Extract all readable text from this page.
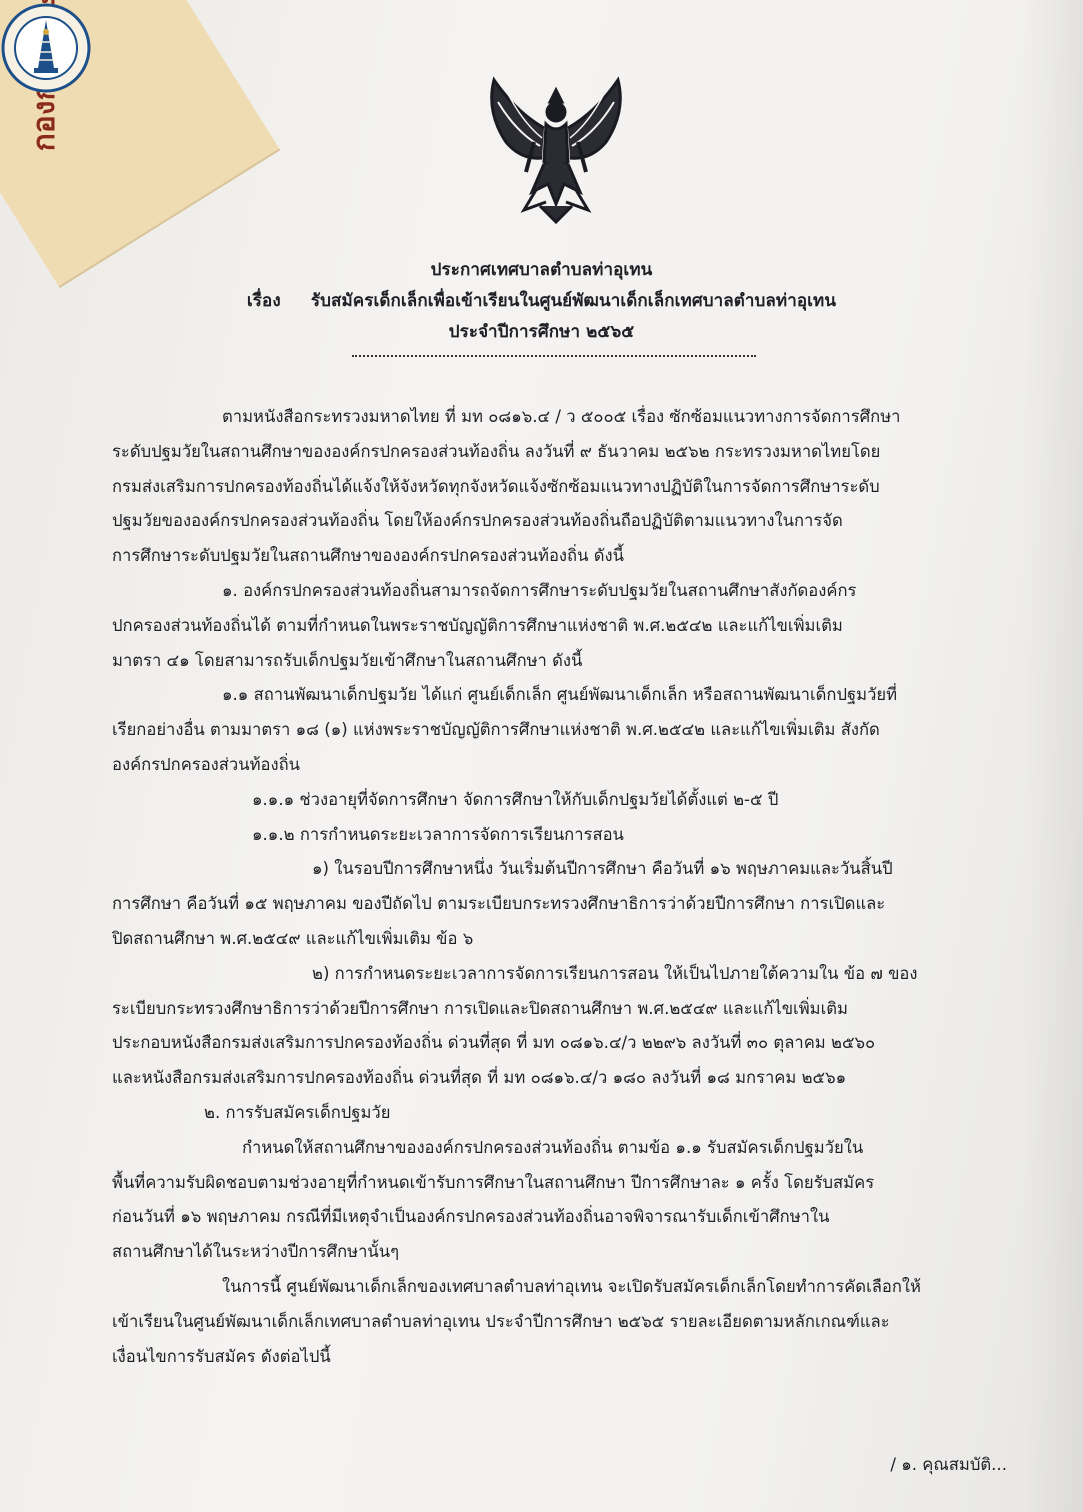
ประกาศเทศบาลตำบลท่าอุเทน
เรื่อง รับสมัครเด็กเล็กเพื่อเข้าเรียนในศูนย์พัฒนาเด็กเล็กเทศบาลตำบลท่าอุเทน
ประจำปีการศึกษา ๒๕๖๕
ตามหนังสือกระทรวงมหาดไทย ที่ มท ๐๘๑๖.๔ / ว ๕๐๐๕ เรื่อง ซักซ้อมแนวทางการจัดการศึกษา
ระดับปฐมวัยในสถานศึกษาขององค์กรปกครองส่วนท้องถิ่น ลงวันที่ ๙ ธันวาคม ๒๕๖๒ กระทรวงมหาดไทยโดย
กรมส่งเสริมการปกครองท้องถิ่นได้แจ้งให้จังหวัดทุกจังหวัดแจ้งซักซ้อมแนวทางปฏิบัติในการจัดการศึกษาระดับ
ปฐมวัยขององค์กรปกครองส่วนท้องถิ่น โดยให้องค์กรปกครองส่วนท้องถิ่นถือปฏิบัติตามแนวทางในการจัด
การศึกษาระดับปฐมวัยในสถานศึกษาขององค์กรปกครองส่วนท้องถิ่น ดังนี้
๑. องค์กรปกครองส่วนท้องถิ่นสามารถจัดการศึกษาระดับปฐมวัยในสถานศึกษาสังกัดองค์กร
ปกครองส่วนท้องถิ่นได้ ตามที่กำหนดในพระราชบัญญัติการศึกษาแห่งชาติ พ.ศ.๒๕๔๒ และแก้ไขเพิ่มเติม
มาตรา ๔๑ โดยสามารถรับเด็กปฐมวัยเข้าศึกษาในสถานศึกษา ดังนี้
๑.๑ สถานพัฒนาเด็กปฐมวัย ได้แก่ ศูนย์เด็กเล็ก ศูนย์พัฒนาเด็กเล็ก หรือสถานพัฒนาเด็กปฐมวัยที่
เรียกอย่างอื่น ตามมาตรา ๑๘ (๑) แห่งพระราชบัญญัติการศึกษาแห่งชาติ พ.ศ.๒๕๔๒ และแก้ไขเพิ่มเติม สังกัด
องค์กรปกครองส่วนท้องถิ่น
๑.๑.๑ ช่วงอายุที่จัดการศึกษา จัดการศึกษาให้กับเด็กปฐมวัยได้ตั้งแต่ ๒-๕ ปี
๑.๑.๒ การกำหนดระยะเวลาการจัดการเรียนการสอน
๑) ในรอบปีการศึกษาหนึ่ง วันเริ่มต้นปีการศึกษา คือวันที่ ๑๖ พฤษภาคมและวันสิ้นปี
การศึกษา คือวันที่ ๑๕ พฤษภาคม ของปีถัดไป ตามระเบียบกระทรวงศึกษาธิการว่าด้วยปีการศึกษา การเปิดและ
ปิดสถานศึกษา พ.ศ.๒๕๔๙ และแก้ไขเพิ่มเติม ข้อ ๖
๒) การกำหนดระยะเวลาการจัดการเรียนการสอน ให้เป็นไปภายใต้ความใน ข้อ ๗ ของ
ระเบียบกระทรวงศึกษาธิการว่าด้วยปีการศึกษา การเปิดและปิดสถานศึกษา พ.ศ.๒๕๔๙ และแก้ไขเพิ่มเติม
ประกอบหนังสือกรมส่งเสริมการปกครองท้องถิ่น ด่วนที่สุด ที่ มท ๐๘๑๖.๔/ว ๒๒๙๖ ลงวันที่ ๓๐ ตุลาคม ๒๕๖๐
และหนังสือกรมส่งเสริมการปกครองท้องถิ่น ด่วนที่สุด ที่ มท ๐๘๑๖.๔/ว ๑๘๐ ลงวันที่ ๑๘ มกราคม ๒๕๖๑
๒. การรับสมัครเด็กปฐมวัย
กำหนดให้สถานศึกษาขององค์กรปกครองส่วนท้องถิ่น ตามข้อ ๑.๑ รับสมัครเด็กปฐมวัยใน
พื้นที่ความรับผิดชอบตามช่วงอายุที่กำหนดเข้ารับการศึกษาในสถานศึกษา ปีการศึกษาละ ๑ ครั้ง โดยรับสมัคร
ก่อนวันที่ ๑๖ พฤษภาคม กรณีที่มีเหตุจำเป็นองค์กรปกครองส่วนท้องถิ่นอาจพิจารณารับเด็กเข้าศึกษาใน
สถานศึกษาได้ในระหว่างปีการศึกษานั้นๆ
ในการนี้ ศูนย์พัฒนาเด็กเล็กของเทศบาลตำบลท่าอุเทน จะเปิดรับสมัครเด็กเล็กโดยทำการคัดเลือกให้
เข้าเรียนในศูนย์พัฒนาเด็กเล็กเทศบาลตำบลท่าอุเทน ประจำปีการศึกษา ๒๕๖๕ รายละเอียดตามหลักเกณฑ์และ
เงื่อนไขการรับสมัคร ดังต่อไปนี้
/ ๑. คุณสมบัติ...
